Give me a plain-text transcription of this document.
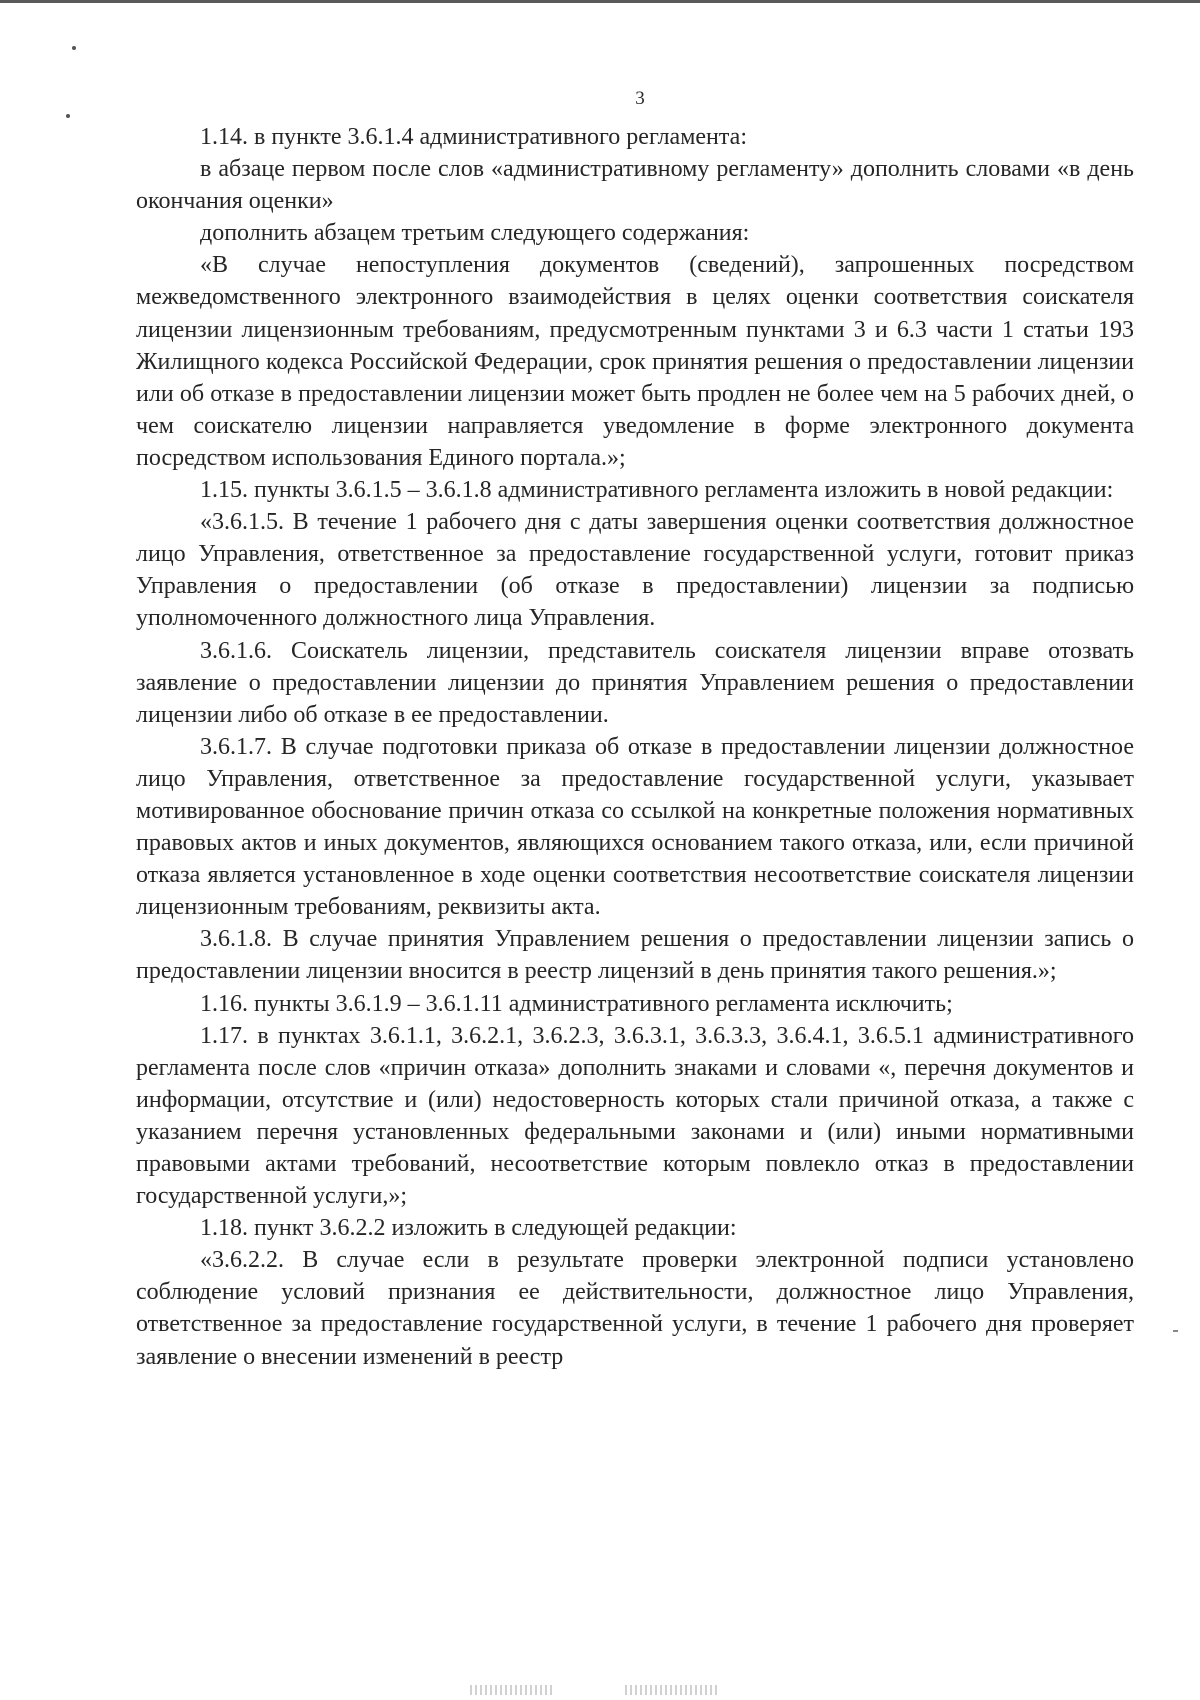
3

1.14. в пункте 3.6.1.4 административного регламента:

в абзаце первом после слов «административному регламенту» дополнить словами «в день окончания оценки»

дополнить абзацем третьим следующего содержания:

«В случае непоступления документов (сведений), запрошенных посредством межведомственного электронного взаимодействия в целях оценки соответствия соискателя лицензии лицензионным требованиям, предусмотренным пунктами 3 и 6.3 части 1 статьи 193 Жилищного кодекса Российской Федерации, срок принятия решения о предоставлении лицензии или об отказе в предоставлении лицензии может быть продлен не более чем на 5 рабочих дней, о чем соискателю лицензии направляется уведомление в форме электронного документа посредством использования Единого портала.»;

1.15. пункты 3.6.1.5 – 3.6.1.8 административного регламента изложить в новой редакции:

«3.6.1.5. В течение 1 рабочего дня с даты завершения оценки соответствия должностное лицо Управления, ответственное за предоставление государственной услуги, готовит приказ Управления о предоставлении (об отказе в предоставлении) лицензии за подписью уполномоченного должностного лица Управления.

3.6.1.6. Соискатель лицензии, представитель соискателя лицензии вправе отозвать заявление о предоставлении лицензии до принятия Управлением решения о предоставлении лицензии либо об отказе в ее предоставлении.

3.6.1.7. В случае подготовки приказа об отказе в предоставлении лицензии должностное лицо Управления, ответственное за предоставление государственной услуги, указывает мотивированное обоснование причин отказа со ссылкой на конкретные положения нормативных правовых актов и иных документов, являющихся основанием такого отказа, или, если причиной отказа является установленное в ходе оценки соответствия несоответствие соискателя лицензии лицензионным требованиям, реквизиты акта.

3.6.1.8. В случае принятия Управлением решения о предоставлении лицензии запись о предоставлении лицензии вносится в реестр лицензий в день принятия такого решения.»;

1.16. пункты 3.6.1.9 – 3.6.1.11 административного регламента исключить;

1.17. в пунктах 3.6.1.1, 3.6.2.1, 3.6.2.3, 3.6.3.1, 3.6.3.3, 3.6.4.1, 3.6.5.1 административного регламента после слов «причин отказа» дополнить знаками и словами «, перечня документов и информации, отсутствие и (или) недостоверность которых стали причиной отказа, а также с указанием перечня установленных федеральными законами и (или) иными нормативными правовыми актами требований, несоответствие которым повлекло отказ в предоставлении государственной услуги,»;

1.18. пункт 3.6.2.2 изложить в следующей редакции:

«3.6.2.2. В случае если в результате проверки электронной подписи установлено соблюдение условий признания ее действительности, должностное лицо Управления, ответственное за предоставление государственной услуги, в течение 1 рабочего дня проверяет заявление о внесении изменений в реестр
